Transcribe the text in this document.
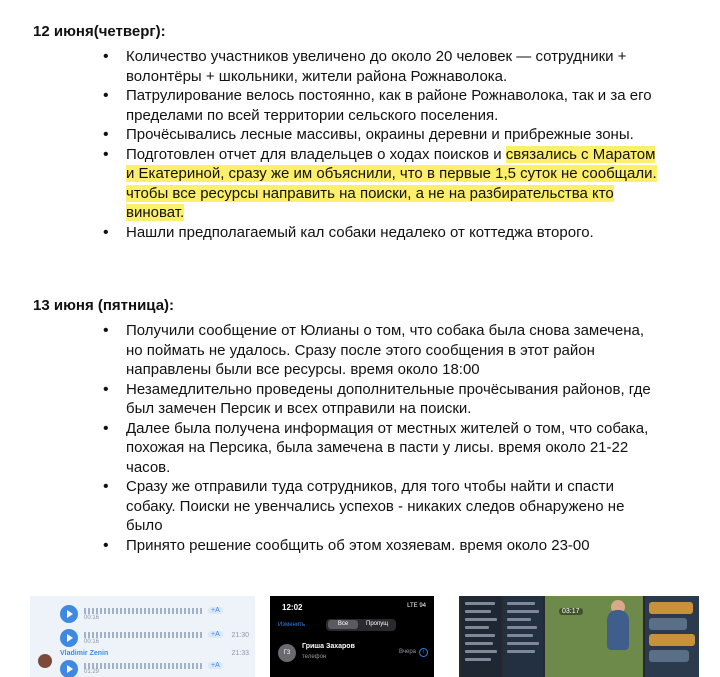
12 июня(четверг):
• Количество участников увеличено до около 20 человек — сотрудники + волонтёры + школьники, жители района Рожнаволока.
• Патрулирование велось постоянно, как в районе Рожнаволока, так и за его пределами по всей территории сельского поселения.
• Прочёсывались лесные массивы, окраины деревни и прибрежные зоны.
• Подготовлен отчет для владельцев о ходах поисков и связались с Маратом и Екатериной, сразу же им объяснили, что в первые 1,5 суток не сообщали. чтобы все ресурсы направить на поиски, а не на разбирательства кто виноват.
• Нашли предполагаемый кал собаки недалеко от коттеджа второго.
13 июня (пятница):
• Получили сообщение от Юлианы о том, что собака была снова замечена, но поймать не удалось. Сразу после этого сообщения в этот район направлены были все ресурсы. время около 18:00
• Незамедлительно проведены дополнительные прочёсывания районов, где был замечен Персик и всех отправили на поиски.
• Далее была получена информация от местных жителей о том, что собака, похожая на Персика, была замечена в пасти у лисы. время около 21-22 часов.
• Сразу же отправили туда сотрудников, для того чтобы найти и спасти собаку. Поиски не увенчались успехов - никаких следов обнаружено не было
• Принято решение сообщить об этом хозяевам. время около 23-00
00:16
+A
00:16
+A	21:30
Vladimir Zenin	21:33
01:29
+A
12:02	LTE 94
Изменить	Все	Пропущ
ГЗ
Гриша Захаров
телефон
Вчера	i
03:17
